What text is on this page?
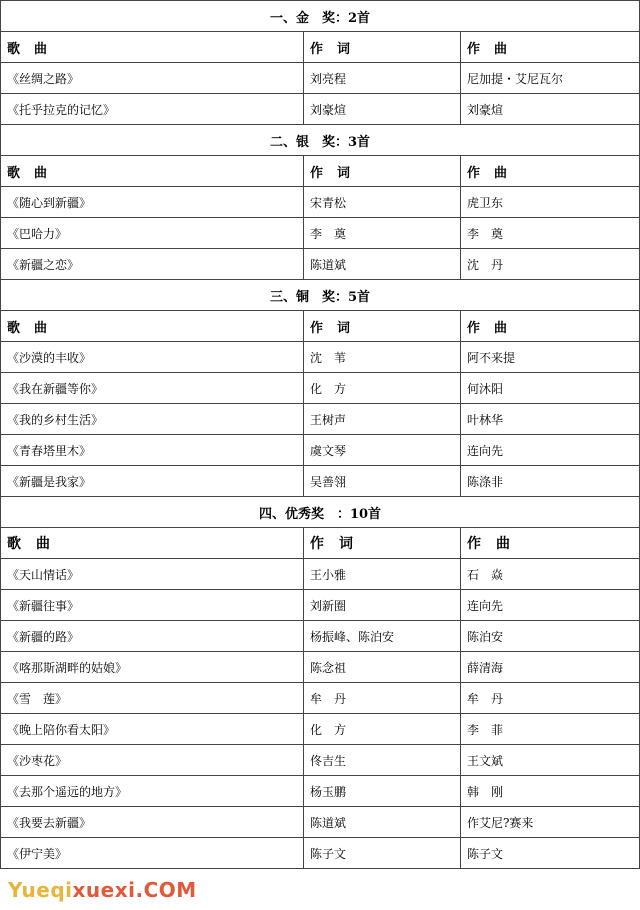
一、金　奖：2首		
歌　曲	作　词	作　曲
《丝绸之路》	刘亮程	尼加提・艾尼瓦尔
《托乎拉克的记忆》	刘豪煊	刘豪煊
二、银　奖：3首		
歌　曲	作　词	作　曲
《随心到新疆》	宋青松	虎卫东
《巴哈力》	李　奠	李　奠
《新疆之恋》	陈道斌	沈　丹
三、铜　奖：5首		
歌　曲	作　词	作　曲
《沙漠的丰收》	沈　苇	阿不来提
《我在新疆等你》	化　方	何沐阳
《我的乡村生活》	王树声	叶林华
《青春塔里木》	虞文琴	连向先
《新疆是我家》	吴善翎	陈涤非
四、优秀奖　：10首		
歌　曲	作　词	作　曲
《天山情话》	王小雅	石　焱
《新疆往事》	刘新圈	连向先
《新疆的路》	杨振峰、陈泊安	陈泊安
《喀那斯湖畔的姑娘》	陈念祖	薛清海
《雪　莲》	牟　丹	牟　丹
《晚上陪你看太阳》	化　方	李　菲
《沙枣花》	佟吉生	王文斌
《去那个遥远的地方》	杨玉鹏	韩　刚
《我要去新疆》	陈道斌	作艾尼?赛来
《伊宁美》	陈子文	陈子文
Yueqixuexi.COM
